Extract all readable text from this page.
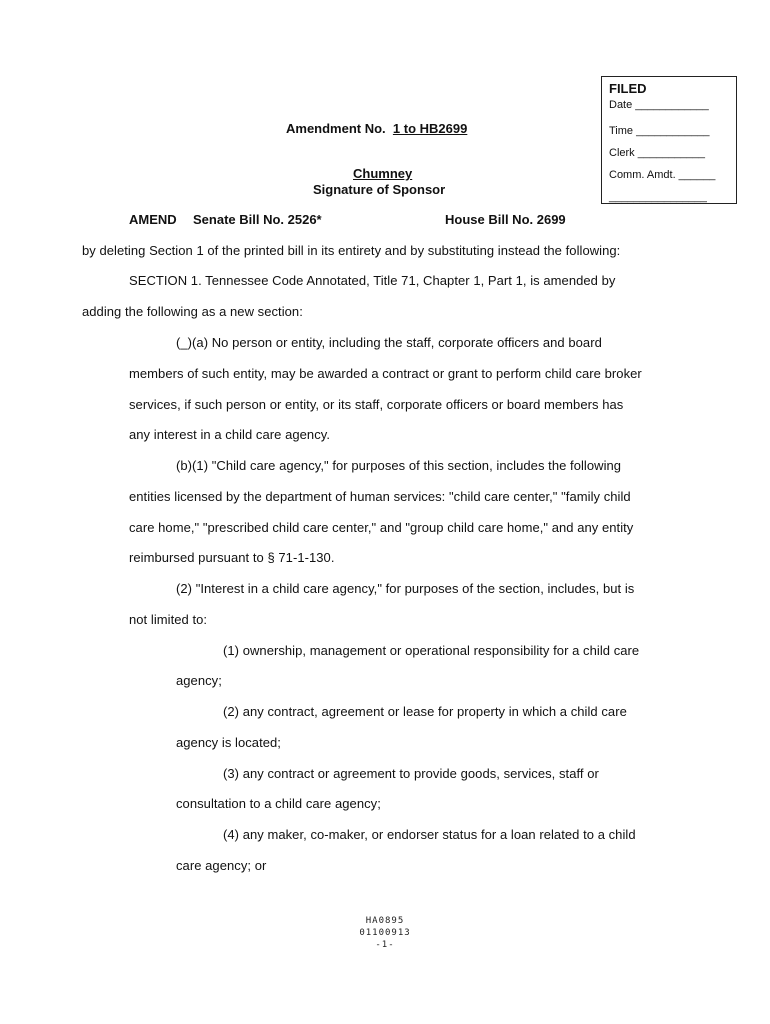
FILED
Date ____________
Time ____________
Clerk ___________
Comm. Amdt. ______
________________
Amendment No. 1 to HB2699
Chumney
Signature of Sponsor
AMEND Senate Bill No. 2526*	House Bill No. 2699
by deleting Section 1 of the printed bill in its entirety and by substituting instead the following:
SECTION 1. Tennessee Code Annotated, Title 71, Chapter 1, Part 1, is amended by
adding the following as a new section:
(_)(a) No person or entity, including the staff, corporate officers and board
members of such entity, may be awarded a contract or grant to perform child care broker
services, if such person or entity, or its staff, corporate officers or board members has
any interest in a child care agency.
(b)(1) "Child care agency," for purposes of this section, includes the following
entities licensed by the department of human services: "child care center," "family child
care home," "prescribed child care center," and "group child care home," and any entity
reimbursed pursuant to § 71-1-130.
(2) "Interest in a child care agency," for purposes of the section, includes, but is
not limited to:
(1) ownership, management or operational responsibility for a child care
agency;
(2) any contract, agreement or lease for property in which a child care
agency is located;
(3) any contract or agreement to provide goods, services, staff or
consultation to a child care agency;
(4) any maker, co-maker, or endorser status for a loan related to a child
care agency; or
HA0895
01100913
-1-
